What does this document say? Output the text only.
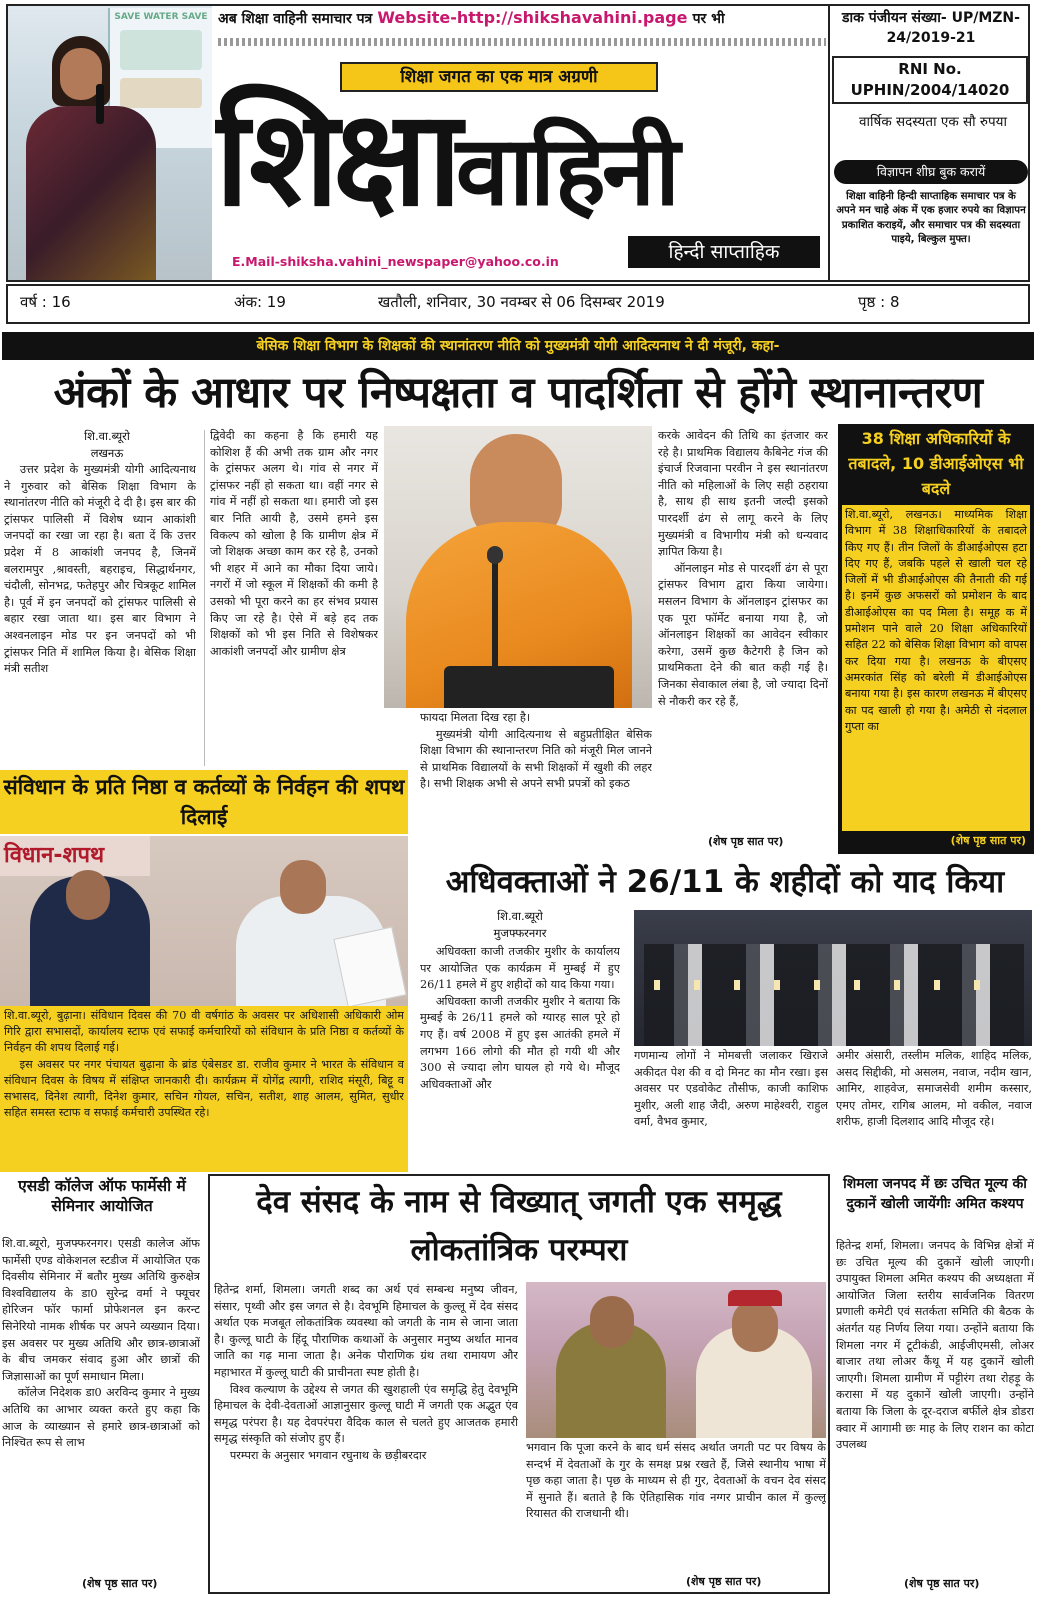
SAVE WATER SAVE अब शिक्षा वाहिनी समाचार पत्र Website-http://shikshavahini.page पर भी
शिक्षा जगत का एक मात्र अग्रणी
शिक्षावाहिनी
हिन्दी साप्ताहिक
E.Mail-shiksha.vahini_newspaper@yahoo.co.in
डाक पंजीयन संख्या- UP/MZN-24/2019-21
RNI No. UPHIN/2004/14020
वार्षिक सदस्यता एक सौ रुपया
विज्ञापन शीघ्र बुक करायें
शिक्षा वाहिनी हिन्दी साप्ताहिक समाचार पत्र के अपने मन चाहे अंक में एक हजार रुपये का विज्ञापन प्रकाशित कराइयें, और समाचार पत्र की सदस्यता पाइये, बिल्कुल मुफ्त।
वर्ष : 16	अंक: 19	खतौली, शनिवार, 30 नवम्बर से 06 दिसम्बर 2019	पृष्ठ : 8
बेसिक शिक्षा विभाग के शिक्षकों की स्थानांतरण नीति को मुख्यमंत्री योगी आदित्यनाथ ने दी मंजूरी, कहा-
अंकों के आधार पर निष्पक्षता व पादर्शिता से होंगे स्थानान्तरण
शि.वा.ब्यूरो
लखनऊ

उत्तर प्रदेश के मुख्यमंत्री योगी आदित्यनाथ ने गुरुवार को बेसिक शिक्षा विभाग के स्थानांतरण नीति को मंजूरी दे दी है। इस बार की ट्रांसफर पालिसी में विशेष ध्यान आकांशी जनपदों का रखा जा रहा है। बता दें कि उत्तर प्रदेश में 8 आकांशी जनपद है, जिनमें बलरामपुर ,श्रावस्ती, बहराइच, सिद्धार्थनगर, चंदौली, सोनभद्र, फतेहपुर और चित्रकूट शामिल है। पूर्व में इन जनपदों को ट्रांसफर पालिसी से बहार रखा जाता था। इस बार विभाग ने अश्वनलाइन मोड पर इन जनपदों को भी ट्रांसफर निति में शामिल किया है। बेसिक शिक्षा मंत्री सतीश

द्विवेदी का कहना है कि हमारी यह कोशिश हैं की अभी तक ग्राम और नगर के ट्रांसफर अलग थे। गांव से नगर में ट्रांसफर नहीं हो सकता था। वहीं नगर से गांव में नहीं हो सकता था। हमारी जो इस बार निति आयी है, उसमे हमने इस विकल्प को खोला है कि ग्रामीण क्षेत्र में जो शिक्षक अच्छा काम कर रहे है, उनको भी शहर में आने का मौका दिया जाये। नगरों में जो स्कूल में शिक्षकों की कमी है उसको भी पूरा करने का हर संभव प्रयास किए जा रहे है। ऐसे में बड़े हद तक शिक्षकों को भी इस निति से विशेषकर आकांशी जनपदों और ग्रामीण क्षेत्र

फायदा मिलता दिख रहा है।

मुख्यमंत्री योगी आदित्यनाथ से बहुप्रतीक्षित बेसिक शिक्षा विभाग की स्थानान्तरण निति को मंजूरी मिल जानने से प्राथमिक विद्यालयों के सभी शिक्षकों में खुशी की लहर है। सभी शिक्षक अभी से अपने सभी प्रपत्रों को इकठ

करके आवेदन की तिथि का इंतजार कर रहे है। प्राथमिक विद्यालय कैबिनेट गंज की इंचार्ज रिजवाना परवीन ने इस स्थानांतरण नीति को महिलाओं के लिए सही ठहराया है, साथ ही साथ इतनी जल्दी इसको पारदर्शी ढंग से लागू करने के लिए मुख्यमंत्री व विभागीय मंत्री को धन्यवाद ज्ञापित किया है।

ऑनलाइन मोड से पारदर्शी ढंग से पूरा ट्रांसफर विभाग द्वारा किया जायेगा। मसलन विभाग के ऑनलाइन ट्रांसफर का एक पूरा फॉर्मेट बनाया गया है, जो ऑनलाइन शिक्षकों का आवेदन स्वीकार करेगा, उसमें कुछ कैटेगरी है जिन को प्राथमिकता देने की बात कही गई है। जिनका सेवाकाल लंबा है, जो ज्यादा दिनों से नौकरी कर रहे हैं,

(शेष पृष्ठ सात पर)
38 शिक्षा अधिकारियों के तबादले, 10 डीआईओएस भी बदले
शि.वा.ब्यूरो, लखनऊ। माध्यमिक शिक्षा विभाग में 38 शिक्षाधिकारियों के तबादले किए गए हैं। तीन जिलों के डीआईओएस हटा दिए गए हैं, जबकि पहले से खाली चल रहे जिलों में भी डीआईओएस की तैनाती की गई है। इनमें कुछ अफसरों को प्रमोशन के बाद डीआईओएस का पद मिला है। समूह क में प्रमोशन पाने वाले 20 शिक्षा अधिकारियों सहित 22 को बेसिक शिक्षा विभाग को वापस कर दिया गया है। लखनऊ के बीएसए अमरकांत सिंह को बरेली में डीआईओएस बनाया गया है। इस कारण लखनऊ में बीएसए का पद खाली हो गया है। अमेठी से नंदलाल गुप्ता का
(शेष पृष्ठ सात पर)
संविधान के प्रति निष्ठा व कर्तव्यों के निर्वहन की शपथ दिलाई
विधान-शपथ

शि.वा.ब्यूरो, बुढ़ाना। संविधान दिवस की 70 वी वर्षगांठ के अवसर पर अधिशासी अधिकारी ओम गिरि द्वारा सभासदों, कार्यालय स्टाफ एवं सफाई कर्मचारियों को संविधान के प्रति निष्ठा व कर्तव्यों के निर्वहन की शपथ दिलाई गई।

इस अवसर पर नगर पंचायत बुढ़ाना के ब्रांड एंबेसडर डा. राजीव कुमार ने भारत के संविधान व संविधान दिवस के विषय में संक्षिप्त जानकारी दी। कार्यक्रम में योगेंद्र त्यागी, राशिद मंसूरी, बिट्टू व सभासद, दिनेश त्यागी, दिनेश कुमार, सचिन गोयल, सचिन, सतीश, शाह आलम, सुमित, सुधीर सहित समस्त स्टाफ व सफाई कर्मचारी उपस्थित रहे।

अधिवक्ताओं ने 26/11 के शहीदों को याद किया
शि.वा.ब्यूरो
मुजफ्फरनगर

अधिवक्ता काजी तजकीर मुशीर के कार्यालय पर आयोजित एक कार्यक्रम में मुम्बई में हुए 26/11 हमले में हुए शहीदों को याद किया गया।

अधिवक्ता काजी तजकीर मुशीर ने बताया कि मुम्बई के 26/11 हमले को ग्यारह साल पूरे हो गए हैं। वर्ष 2008 में हुए इस आतंकी हमले में लगभग 166 लोगो की मौत हो गयी थी और 300 से ज्यादा लोग घायल हो गये थे। मौजूद अधिवक्ताओं और

गणमान्य लोगों ने मोमबत्ती जलाकर खिराजे अकीदत पेश की व दो मिनट का मौन रखा। इस अवसर पर एडवोकेट तौसीफ, काजी काशिफ मुशीर, अली शाह जैदी, अरुण माहेश्वरी, राहुल वर्मा, वैभव कुमार,

अमीर अंसारी, तस्लीम मलिक, शाहिद मलिक, असद सिद्दीकी, मो असलम, नवाज, नदीम खान, आमिर, शाहवेज, समाजसेवी शमीम कस्सार, एमए तोमर, रागिब आलम, मो वकील, नवाज शरीफ, हाजी दिलशाद आदि मौजूद रहे।

एसडी कॉलेज ऑफ फार्मेसी में सेमिनार आयोजित

शि.वा.ब्यूरो, मुजफ्फरनगर। एसडी कालेज ऑफ फार्मेसी एण्ड वोकेशनल स्टडीज में आयोजित एक दिवसीय सेमिनार में बतौर मुख्य अतिथि कुरुक्षेत्र विश्वविद्यालय के डा0 सुरेन्द्र वर्मा ने फ्यूचर होरिजन फॉर फार्मा प्रोफेशनल इन करन्ट सिनेरियो नामक शीर्षक पर अपने व्यख्यान दिया। इस अवसर पर मुख्य अतिथि और छात्र-छात्राओं के बीच जमकर संवाद हुआ और छात्रों की जिज्ञासाओं का पूर्ण समाधान मिला।

कॉलेज निदेशक डा0 अरविन्द कुमार ने मुख्य अतिथि का आभार व्यक्त करते हुए कहा कि आज के व्याख्यान से हमारे छात्र-छात्राओं को निश्चित रूप से लाभ

(शेष पृष्ठ सात पर)
देव संसद के नाम से विख्यात् जगती एक समृद्ध लोकतांत्रिक परम्परा

हितेन्द्र शर्मा, शिमला। जगती शब्द का अर्थ एवं सम्बन्ध मनुष्य जीवन, संसार, पृथ्वी और इस जगत से है। देवभूमि हिमाचल के कुल्लू में देव संसद अर्थात एक मजबूत लोकतांत्रिक व्यवस्था को जगती के नाम से जाना जाता है। कुल्लू घाटी के हिंदू पौराणिक कथाओं के अनुसार मनुष्य अर्थात मानव जाति का गढ़ माना जाता है। अनेक पौराणिक ग्रंथ तथा रामायण और महाभारत में कुल्लू घाटी की प्राचीनता स्पष्ट होती है।

विश्व कल्याण के उद्देश्य से जगत की खुशहाली एंव समृद्धि हेतु देवभूमि हिमाचल के देवी-देवताओं आज्ञानुसार कुल्लू घाटी में जगती एक अद्भुत एंव समृद्ध परंपरा है। यह देवपरंपरा वैदिक काल से चलते हुए आजतक हमारी समृद्ध संस्कृति को संजोए हुए हैं।

परम्परा के अनुसार भगवान रघुनाथ के छड़ीबरदार

भगवान कि पूजा करने के बाद धर्म संसद अर्थात जगती पट पर विषय के सन्दर्भ में देवताओं के गुर के समक्ष प्रश्न रखते हैं, जिसे स्थानीय भाषा में पृछ कहा जाता है। पृछ के माध्यम से ही गुर, देवताओं के वचन देव संसद में सुनाते हैं। बताते है कि ऐतिहासिक गांव नग्गर प्राचीन काल में कुल्लू रियासत की राजधानी थी।

(शेष पृष्ठ सात पर)
शिमला जनपद में छः उचित मूल्य की दुकानें खोली जायेंगीः अमित कश्यप

हितेन्द्र शर्मा, शिमला। जनपद के विभिन्न क्षेत्रों में छः उचित मूल्य की दुकानें खोली जाएगी। उपायुक्त शिमला अमित कश्यप की अध्यक्षता में आयोजित जिला स्तरीय सार्वजनिक वितरण प्रणाली कमेटी एवं सतर्कता समिति की बैठक के अंतर्गत यह निर्णय लिया गया। उन्होंने बताया कि शिमला नगर में टूटीकंडी, आईजीएमसी, लोअर बाजार तथा लोअर कैंथू में यह दुकानें खोली जाएगी। शिमला ग्रामीण में पट्टीरंग तथा रोहड़ू के करासा में यह दुकानें खोली जाएगी। उन्होंने बताया कि जिला के दूर-दराज बर्फीले क्षेत्र डोडरा क्वार में आगामी छः माह के लिए राशन का कोटा उपलब्ध

(शेष पृष्ठ सात पर)
